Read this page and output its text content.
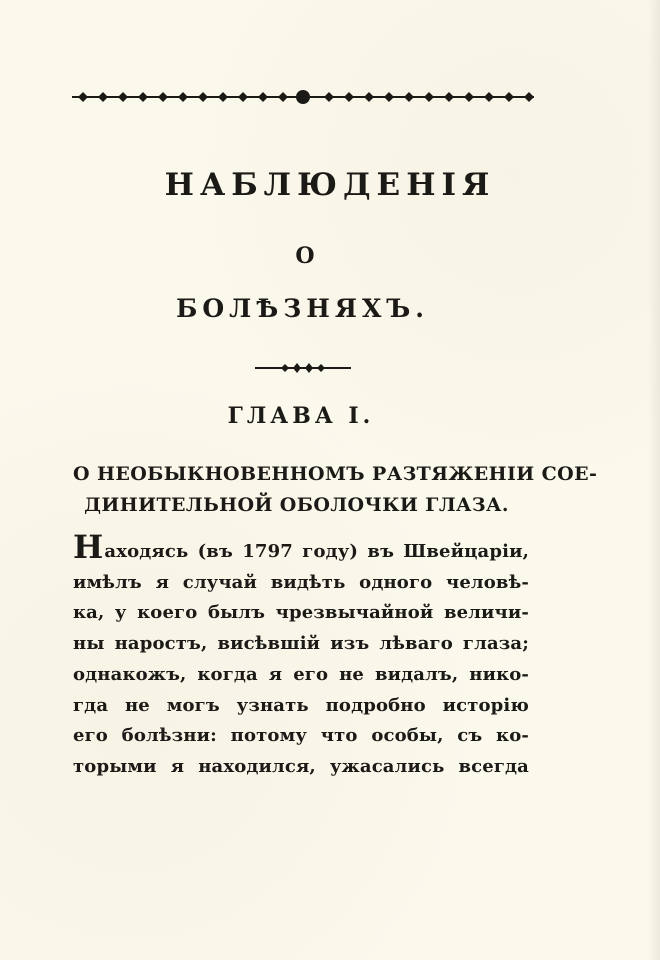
НАБЛЮДЕНІЯ
О
БОЛѢЗНЯХЪ.
ГЛАВА I.
О НЕОБЫКНОВЕННОМЪ РАЗТЯЖЕНІИ СОЕ-
ДИНИТЕЛЬНОЙ ОБОЛОЧКИ ГЛАЗА.
Находясь (въ 1797 году) въ Швейцаріи,
имѣлъ я случай видѣть одного человѣ-
ка, у коего былъ чрезвычайной величи-
ны наростъ, висѣвшій изъ лѣваго глаза;
однакожъ, когда я его не видалъ, нико-
гда не могъ узнать подробно исторію
его болѣзни: потому что особы, съ ко-
торыми я находился, ужасались всегда
